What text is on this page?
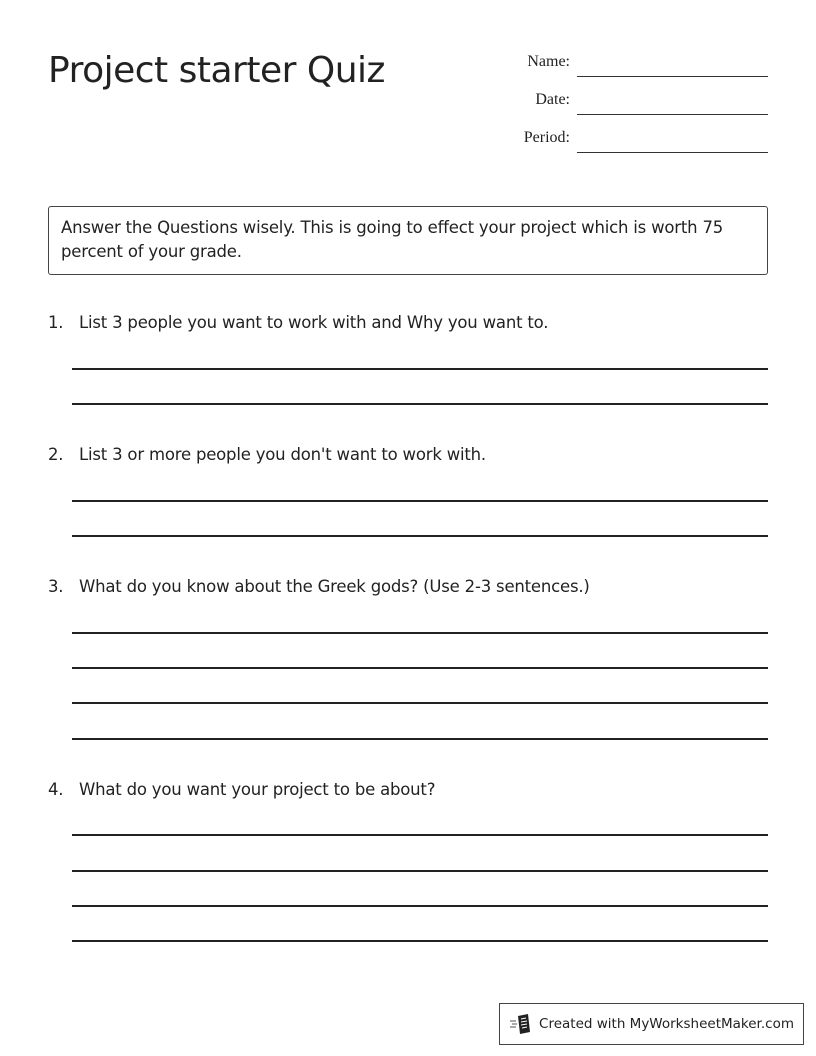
Project starter Quiz	Name:
Date:
Period:
Answer the Questions wisely. This is going to effect your project which is worth 75 percent of your grade.
1. List 3 people you want to work with and Why you want to.
2. List 3 or more people you don't want to work with.
3. What do you know about the Greek gods? (Use 2-3 sentences.)
4. What do you want your project to be about?
Created with MyWorksheetMaker.com
